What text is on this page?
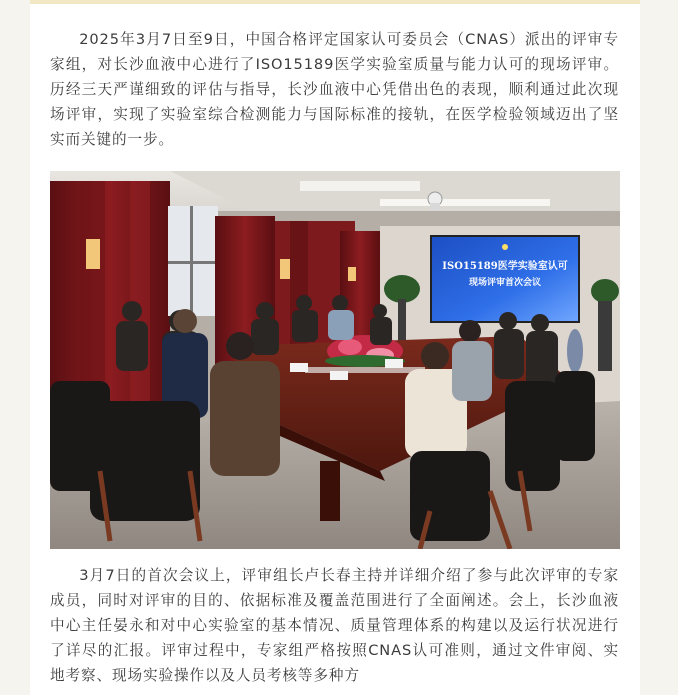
2025年3月7日至9日，中国合格评定国家认可委员会（CNAS）派出的评审专家组，对长沙血液中心进行了ISO15189医学实验室质量与能力认可的现场评审。历经三天严谨细致的评估与指导，长沙血液中心凭借出色的表现，顺利通过此次现场评审，实现了实验室综合检测能力与国际标准的接轨，在医学检验领域迈出了坚实而关键的一步。

ISO15189医学实验室认可
现场评审首次会议

3月7日的首次会议上，评审组长卢长春主持并详细介绍了参与此次评审的专家成员，同时对评审的目的、依据标准及覆盖范围进行了全面阐述。会上，长沙血液中心主任晏永和对中心实验室的基本情况、质量管理体系的构建以及运行状况进行了详尽的汇报。评审过程中，专家组严格按照CNAS认可准则，通过文件审阅、实地考察、现场实验操作以及人员考核等多种方
